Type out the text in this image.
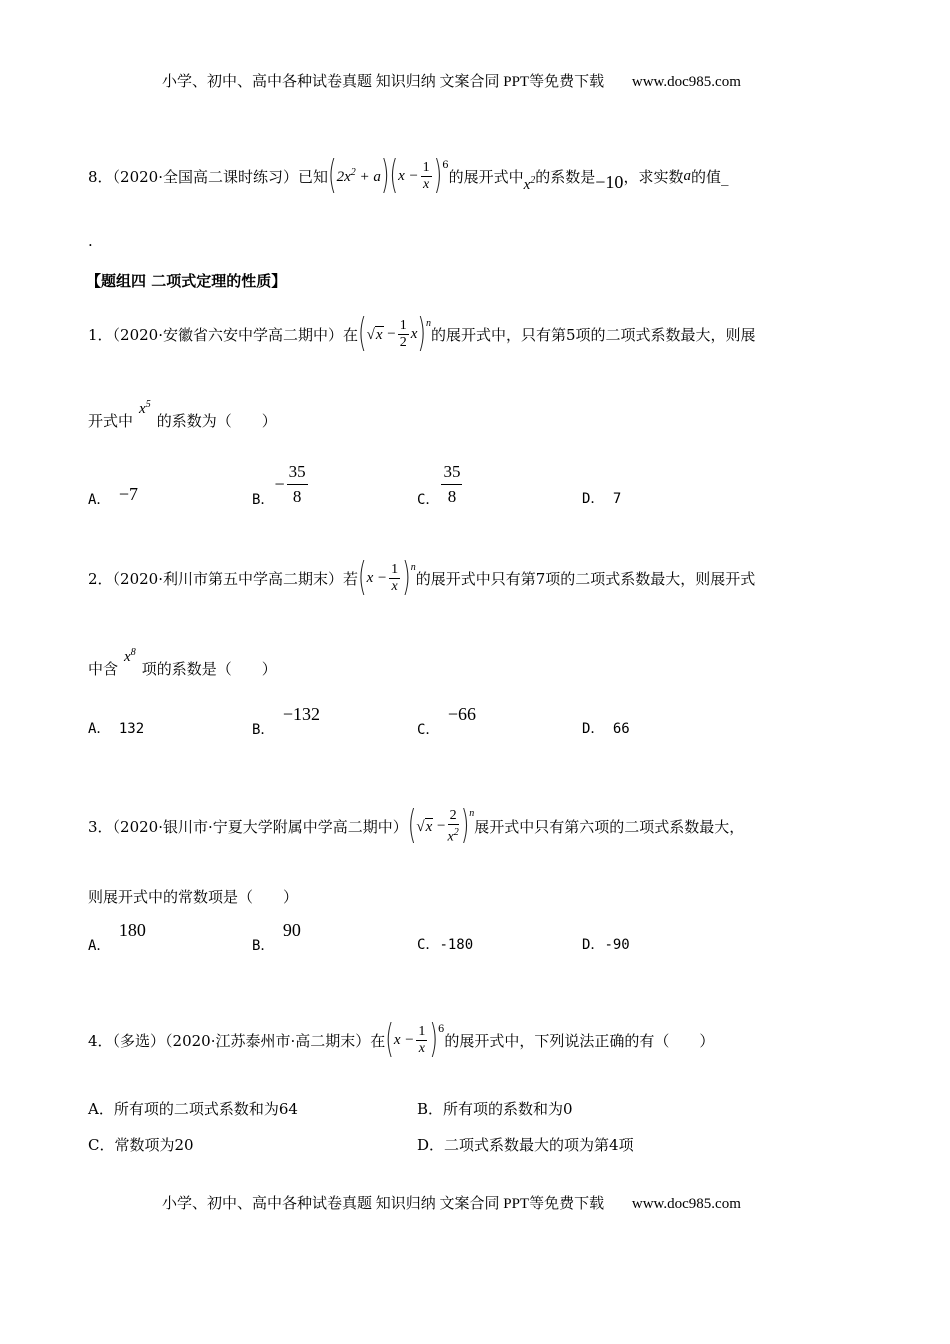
小学、初中、高中各种试卷真题 知识归纳 文案合同 PPT等免费下载 www.doc985.com
8．（2020·全国高二课时练习）已知 ( $2x^2 + a$ ) ( $x - \frac{1}{x}$ ) 6
的展开式中 $x^2$ 的系数是 −10 ，求实数 a 的值_
.
【题组四 二项式定理的性质】
1．（2020·安徽省六安中学高二期中）在 ( √ $x - \frac{1}{2}$ x ) n
的展开式中，只有第5项的二项式系数最大，则展
开式中
$x^5$
的系数为（　　）
A． −7	B．
− $\frac{35}{8}$	C． $\frac{35}{8}$	D． 7
2．（2020·利川市第五中学高二期末）若 ( $x - \frac{1}{x}$ ) n
的展开式中只有第7项的二项式系数最大，则展开式
中含
$x^8$
项的系数是（　　）
A． 132	B． −132
C． −66
D． 66
3．（2020·银川市·宁夏大学附属中学高二期中） ( √ $x - \frac{2}{x^2}$ ) n
展开式中只有第六项的二项式系数最大，
则展开式中的常数项是（　　）
A． 180
B． 90
C．-180	D．-90
4．（多选）（2020·江苏泰州市·高二期末）在 ( $x - \frac{1}{x}$ ) 6
的展开式中，下列说法正确的有（　　）
A．所有项的二项式系数和为64	B．所有项的系数和为0
C．常数项为20	D．二项式系数最大的项为第4项
小学、初中、高中各种试卷真题 知识归纳 文案合同 PPT等免费下载 www.doc985.com
